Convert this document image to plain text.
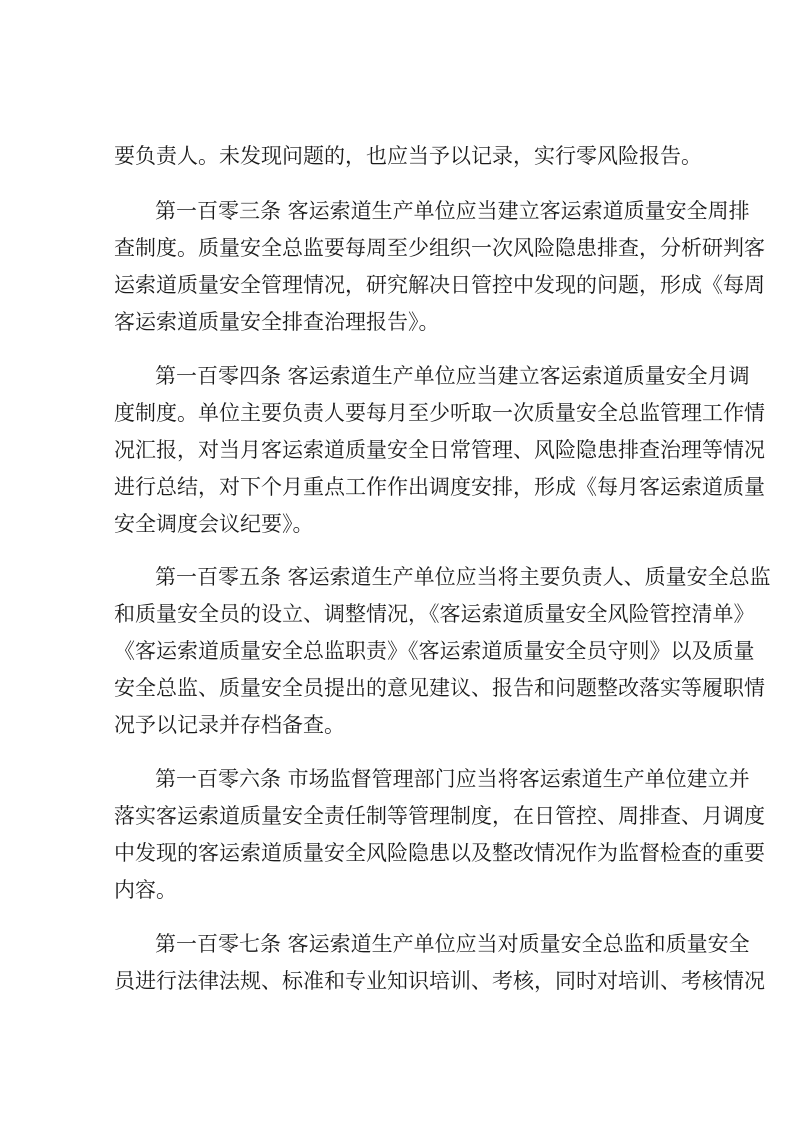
要负责人。未发现问题的，也应当予以记录，实行零风险报告。
第一百零三条 客运索道生产单位应当建立客运索道质量安全周排
查制度。质量安全总监要每周至少组织一次风险隐患排查，分析研判客
运索道质量安全管理情况，研究解决日管控中发现的问题，形成《每周
客运索道质量安全排查治理报告》。
第一百零四条 客运索道生产单位应当建立客运索道质量安全月调
度制度。单位主要负责人要每月至少听取一次质量安全总监管理工作情
况汇报，对当月客运索道质量安全日常管理、风险隐患排查治理等情况
进行总结，对下个月重点工作作出调度安排，形成《每月客运索道质量
安全调度会议纪要》。
第一百零五条 客运索道生产单位应当将主要负责人、质量安全总监
和质量安全员的设立、调整情况，《客运索道质量安全风险管控清单》
《客运索道质量安全总监职责》《客运索道质量安全员守则》以及质量
安全总监、质量安全员提出的意见建议、报告和问题整改落实等履职情
况予以记录并存档备查。
第一百零六条 市场监督管理部门应当将客运索道生产单位建立并
落实客运索道质量安全责任制等管理制度，在日管控、周排查、月调度
中发现的客运索道质量安全风险隐患以及整改情况作为监督检查的重要
内容。
第一百零七条 客运索道生产单位应当对质量安全总监和质量安全
员进行法律法规、标准和专业知识培训、考核，同时对培训、考核情况
